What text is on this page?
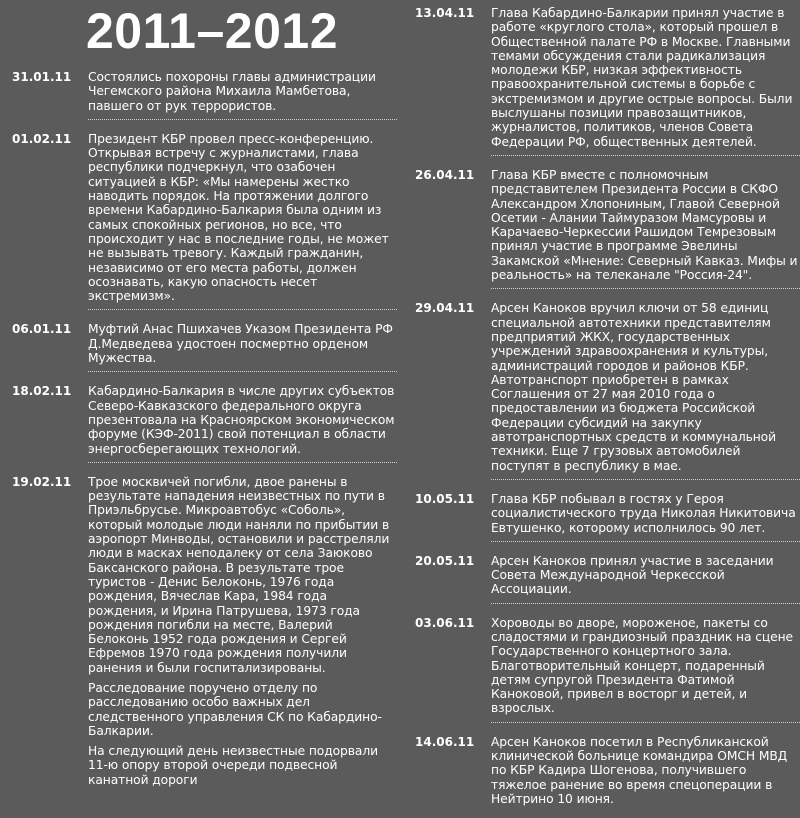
2011–2012
31.01.11	Состоялись похороны главы администрации Чегемского района Михаила Мамбетова, павшего от рук террористов.

01.02.11	Президент КБР провел пресс-конференцию. Открывая встречу с журналистами, глава республики подчеркнул, что озабочен ситуацией в КБР: «Мы намерены жестко наводить порядок. На протяжении долгого времени Кабардино-Балкария была одним из самых спокойных регионов, но все, что происходит у нас в последние годы, не может не вызывать тревогу. Каждый гражданин, независимо от его места работы, должен осознавать, какую опасность несет экстремизм».

06.01.11	Муфтий Анас Пшихачев Указом Президента РФ Д.Медведева удостоен посмертно орденом Мужества.

18.02.11	Кабардино-Балкария в числе других субъектов Северо-Кавказского федерального округа презентовала на Красноярском экономическом форуме (КЭФ-2011) свой потенциал в области энергосберегающих технологий.

19.02.11	Трое москвичей погибли, двое ранены в результате нападения неизвестных по пути в Приэльбрусье. Микроавтобус «Соболь», который молодые люди наняли по прибытии в аэропорт Минводы, остановили и расстреляли люди в масках неподалеку от села Заюково Баксанского района. В результате трое туристов - Денис Белоконь, 1976 года рождения, Вячеслав Кара, 1984 года рождения, и Ирина Патрушева, 1973 года рождения погибли на месте, Валерий Белоконь 1952 года рождения и Сергей Ефремов 1970 года рождения получили ранения и были госпитализированы.

Расследование поручено отделу по расследованию особо важных дел следственного управления СК по Кабардино-Балкарии.

На следующий день неизвестные подорвали 11-ю опору второй очереди подвесной канатной дороги

13.04.11	Глава Кабардино-Балкарии принял участие в работе «круглого стола», который прошел в Общественной палате РФ в Москве. Главными темами обсуждения стали радикализация молодежи КБР, низкая эффективность правоохранительной системы в борьбе с экстремизмом и другие острые вопросы. Были выслушаны позиции правозащитников, журналистов, политиков, членов Совета Федерации РФ, общественных деятелей.

26.04.11	Глава КБР вместе с полномочным представителем Президента России в СКФО Александром Хлопониным, Главой Северной Осетии - Алании Таймуразом Мамсуровы и Карачаево-Черкессии Рашидом Темрезовым принял участие в программе Эвелины Закамской «Мнение: Северный Кавказ. Мифы и реальность» на телеканале "Россия-24".

29.04.11	Арсен Каноков вручил ключи от 58 единиц специальной автотехники представителям предприятий ЖКХ, государственных учреждений здравоохранения и культуры, администраций городов и районов КБР. Автотранспорт приобретен в рамках Соглашения от 27 мая 2010 года о предоставлении из бюджета Российской Федерации субсидий на закупку автотранспортных средств и коммунальной техники. Еще 7 грузовых автомобилей поступят в республику в мае.

10.05.11	Глава КБР побывал в гостях у Героя социалистического труда Николая Никитовича Евтушенко, которому исполнилось 90 лет.

20.05.11	Арсен Каноков принял участие в заседании Совета Международной Черкесской Ассоциации.

03.06.11	Хороводы во дворе, мороженое, пакеты со сладостями и грандиозный праздник на сцене Государственного концертного зала. Благотворительный концерт, подаренный детям супругой Президента Фатимой Каноковой, привел в восторг и детей, и взрослых.

14.06.11	Арсен Каноков посетил в Республиканской клинической больнице командира ОМСН МВД по КБР Кадира Шогенова, получившего тяжелое ранение во время спецоперации в Нейтрино 10 июня.
